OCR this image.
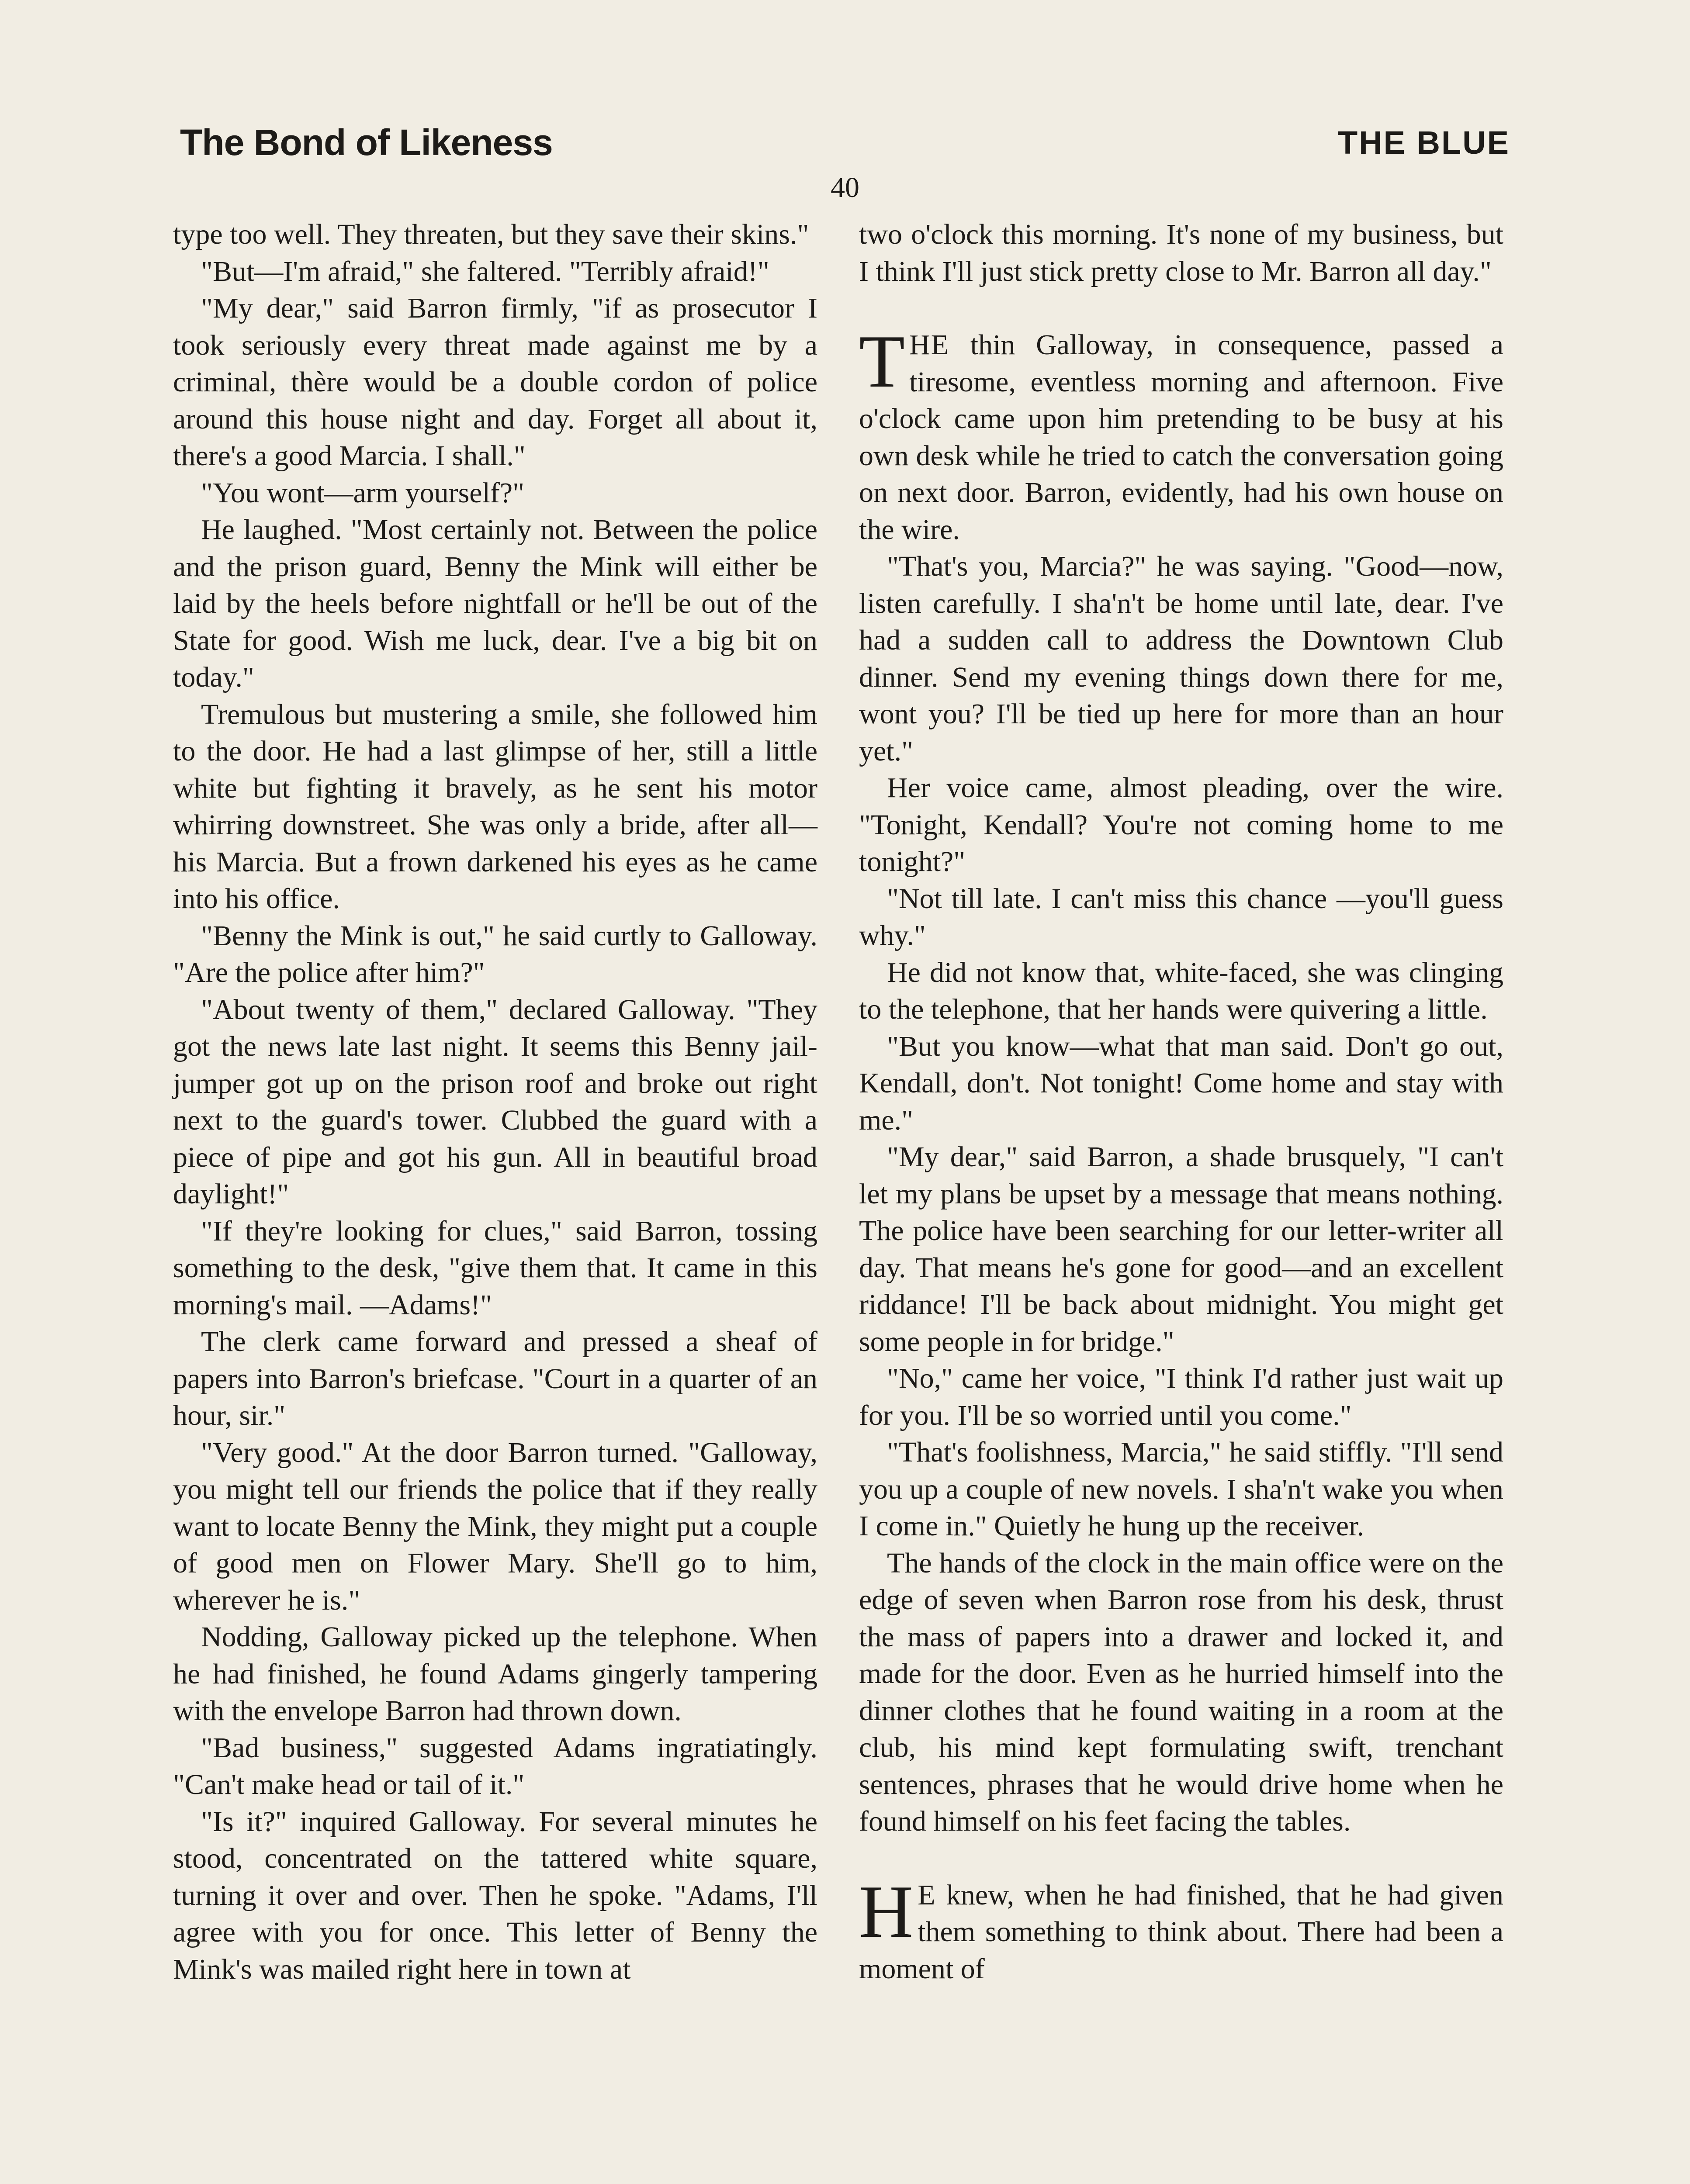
The Bond of Likeness	THE BLUE
40

type too well. They threaten, but they save their skins."

"But—I'm afraid," she faltered. "Terribly afraid!"

"My dear," said Barron firmly, "if as prosecutor I took seriously every threat made against me by a criminal, thère would be a double cordon of police around this house night and day. Forget all about it, there's a good Marcia. I shall."

"You wont—arm yourself?"

He laughed. "Most certainly not. Between the police and the prison guard, Benny the Mink will either be laid by the heels before nightfall or he'll be out of the State for good. Wish me luck, dear. I've a big bit on today."

Tremulous but mustering a smile, she followed him to the door. He had a last glimpse of her, still a little white but fighting it bravely, as he sent his motor whirring downstreet. She was only a bride, after all—his Marcia. But a frown darkened his eyes as he came into his office.

"Benny the Mink is out," he said curtly to Galloway. "Are the police after him?"

"About twenty of them," declared Galloway. "They got the news late last night. It seems this Benny jail-jumper got up on the prison roof and broke out right next to the guard's tower. Clubbed the guard with a piece of pipe and got his gun. All in beautiful broad daylight!"

"If they're looking for clues," said Barron, tossing something to the desk, "give them that. It came in this morning's mail. —Adams!"

The clerk came forward and pressed a sheaf of papers into Barron's briefcase. "Court in a quarter of an hour, sir."

"Very good." At the door Barron turned. "Galloway, you might tell our friends the police that if they really want to locate Benny the Mink, they might put a couple of good men on Flower Mary. She'll go to him, wherever he is."

Nodding, Galloway picked up the telephone. When he had finished, he found Adams gingerly tampering with the envelope Barron had thrown down.

"Bad business," suggested Adams ingratiatingly. "Can't make head or tail of it."

"Is it?" inquired Galloway. For several minutes he stood, concentrated on the tattered white square, turning it over and over. Then he spoke. "Adams, I'll agree with you for once. This letter of Benny the Mink's was mailed right here in town at

two o'clock this morning. It's none of my business, but I think I'll just stick pretty close to Mr. Barron all day."

THE thin Galloway, in consequence, passed a tiresome, eventless morning and afternoon. Five o'clock came upon him pretending to be busy at his own desk while he tried to catch the conversation going on next door. Barron, evidently, had his own house on the wire.

"That's you, Marcia?" he was saying. "Good—now, listen carefully. I sha'n't be home until late, dear. I've had a sudden call to address the Downtown Club dinner. Send my evening things down there for me, wont you? I'll be tied up here for more than an hour yet."

Her voice came, almost pleading, over the wire. "Tonight, Kendall? You're not coming home to me tonight?"

"Not till late. I can't miss this chance —you'll guess why."

He did not know that, white-faced, she was clinging to the telephone, that her hands were quivering a little.

"But you know—what that man said. Don't go out, Kendall, don't. Not tonight! Come home and stay with me."

"My dear," said Barron, a shade brusquely, "I can't let my plans be upset by a message that means nothing. The police have been searching for our letter-writer all day. That means he's gone for good—and an excellent riddance! I'll be back about midnight. You might get some people in for bridge."

"No," came her voice, "I think I'd rather just wait up for you. I'll be so worried until you come."

"That's foolishness, Marcia," he said stiffly. "I'll send you up a couple of new novels. I sha'n't wake you when I come in." Quietly he hung up the receiver.

The hands of the clock in the main office were on the edge of seven when Barron rose from his desk, thrust the mass of papers into a drawer and locked it, and made for the door. Even as he hurried himself into the dinner clothes that he found waiting in a room at the club, his mind kept formulating swift, trenchant sentences, phrases that he would drive home when he found himself on his feet facing the tables.

H E knew, when he had finished, that he had given them something to think about. There had been a moment of
